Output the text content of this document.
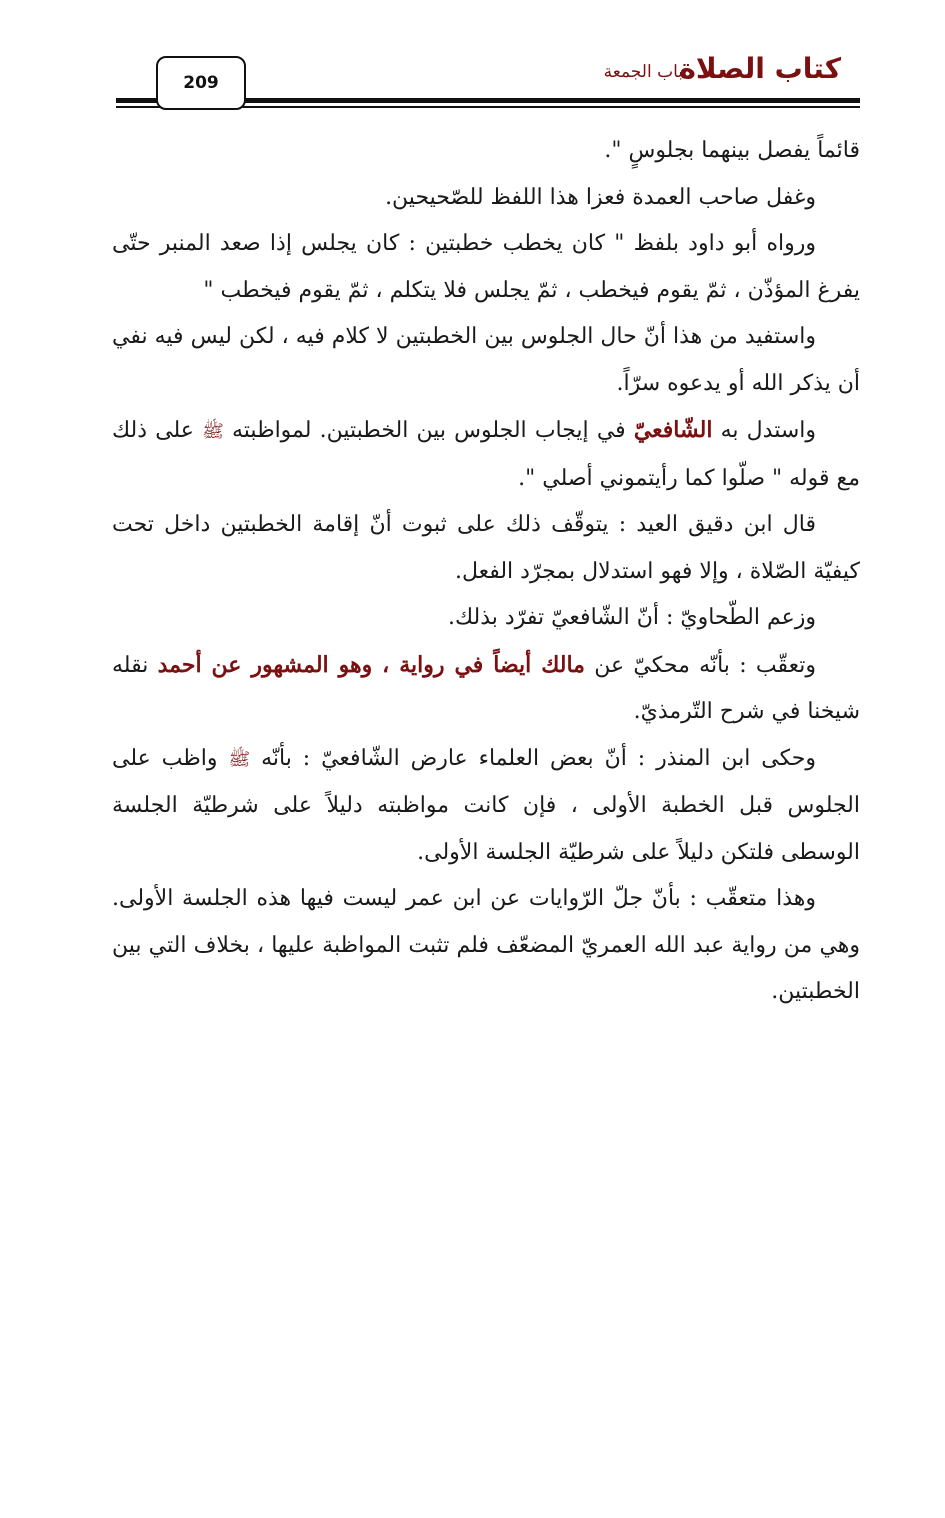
كتاب الصلاة
باب الجمعة
209

قائماً يفصل بينهما بجلوسٍ ".

وغفل صاحب العمدة فعزا هذا اللفظ للصّحيحين.

ورواه أبو داود بلفظ " كان يخطب خطبتين : كان يجلس إذا صعد المنبر حتّى يفرغ المؤذّن ، ثمّ يقوم فيخطب ، ثمّ يجلس فلا يتكلم ، ثمّ يقوم فيخطب "

واستفيد من هذا أنّ حال الجلوس بين الخطبتين لا كلام فيه ، لكن ليس فيه نفي أن يذكر الله أو يدعوه سرّاً.

واستدل به الشّافعيّ في إيجاب الجلوس بين الخطبتين. لمواظبته ﷺ على ذلك مع قوله " صلّوا كما رأيتموني أصلي ".

قال ابن دقيق العيد : يتوقّف ذلك على ثبوت أنّ إقامة الخطبتين داخل تحت كيفيّة الصّلاة ، وإلا فهو استدلال بمجرّد الفعل.

وزعم الطّحاويّ : أنّ الشّافعيّ تفرّد بذلك.

وتعقّب : بأنّه محكيّ عن مالك أيضاً في رواية ، وهو المشهور عن أحمد نقله شيخنا في شرح التّرمذيّ.

وحكى ابن المنذر : أنّ بعض العلماء عارض الشّافعيّ : بأنّه ﷺ واظب على الجلوس قبل الخطبة الأولى ، فإن كانت مواظبته دليلاً على شرطيّة الجلسة الوسطى فلتكن دليلاً على شرطيّة الجلسة الأولى.

وهذا متعقّب : بأنّ جلّ الرّوايات عن ابن عمر ليست فيها هذه الجلسة الأولى. وهي من رواية عبد الله العمريّ المضعّف فلم تثبت المواظبة عليها ، بخلاف التي بين الخطبتين.
